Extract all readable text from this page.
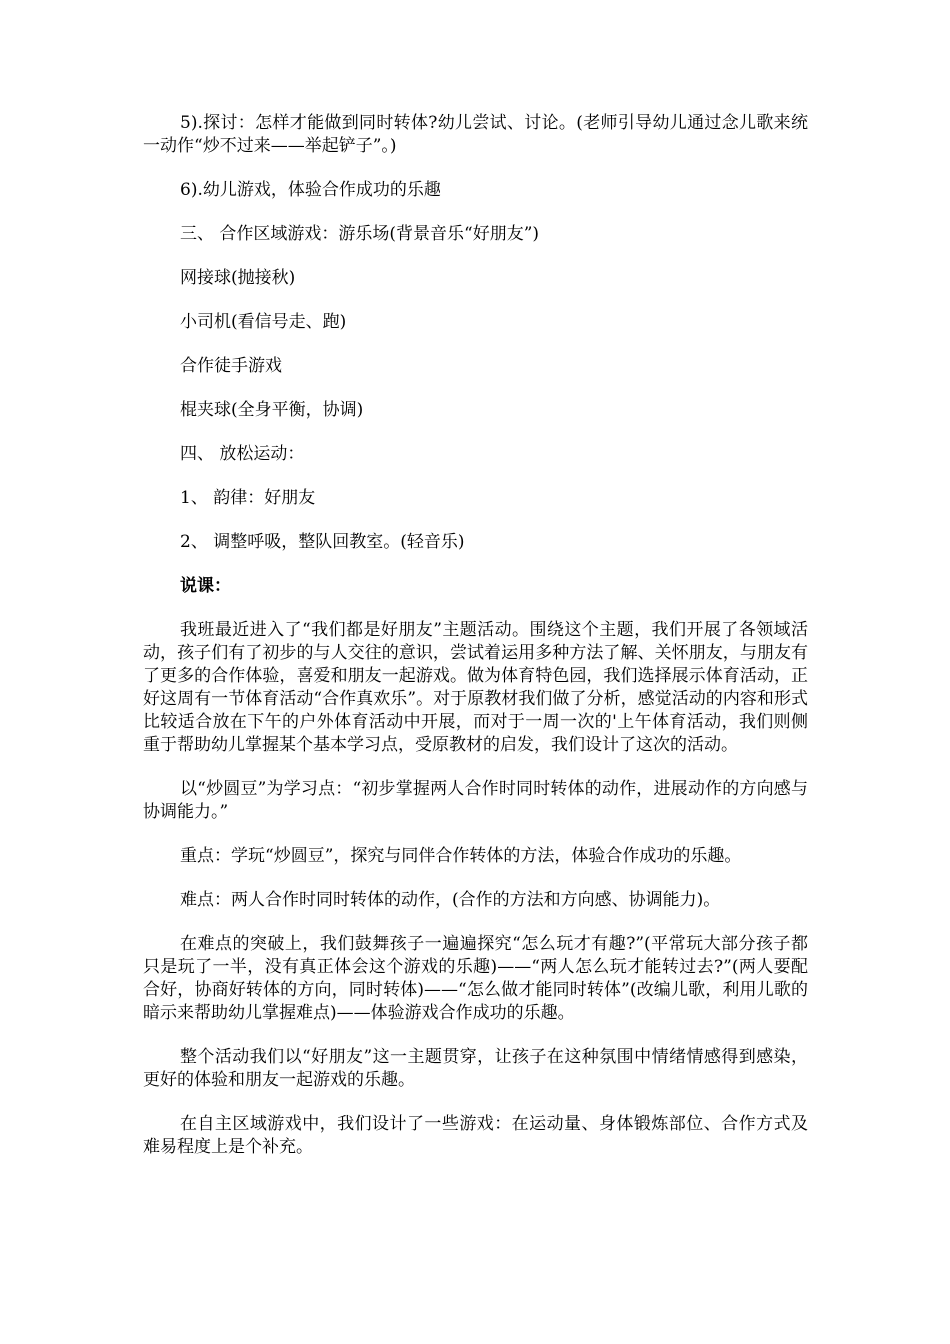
5).探讨：怎样才能做到同时转体?幼儿尝试、讨论。(老师引导幼儿通过念儿歌来统一动作“炒不过来——举起铲子”。)

6).幼儿游戏，体验合作成功的乐趣

三、 合作区域游戏：游乐场(背景音乐“好朋友”)

网接球(抛接秋)

小司机(看信号走、跑)

合作徒手游戏

棍夹球(全身平衡，协调)

四、 放松运动：

1、 韵律：好朋友

2、 调整呼吸，整队回教室。(轻音乐)

说课：

我班最近进入了“我们都是好朋友”主题活动。围绕这个主题，我们开展了各领域活动，孩子们有了初步的与人交往的意识，尝试着运用多种方法了解、关怀朋友，与朋友有了更多的合作体验，喜爱和朋友一起游戏。做为体育特色园，我们选择展示体育活动，正好这周有一节体育活动“合作真欢乐”。对于原教材我们做了分析，感觉活动的内容和形式比较适合放在下午的户外体育活动中开展，而对于一周一次的'上午体育活动，我们则侧重于帮助幼儿掌握某个基本学习点，受原教材的启发，我们设计了这次的活动。

以“炒圆豆”为学习点：“初步掌握两人合作时同时转体的动作，进展动作的方向感与协调能力。”

重点：学玩“炒圆豆”，探究与同伴合作转体的方法，体验合作成功的乐趣。

难点：两人合作时同时转体的动作，(合作的方法和方向感、协调能力)。

在难点的突破上，我们鼓舞孩子一遍遍探究“怎么玩才有趣?”(平常玩大部分孩子都只是玩了一半，没有真正体会这个游戏的乐趣)——“两人怎么玩才能转过去?”(两人要配合好，协商好转体的方向，同时转体)——“怎么做才能同时转体”(改编儿歌，利用儿歌的暗示来帮助幼儿掌握难点)——体验游戏合作成功的乐趣。

整个活动我们以“好朋友”这一主题贯穿，让孩子在这种氛围中情绪情感得到感染，更好的体验和朋友一起游戏的乐趣。

在自主区域游戏中，我们设计了一些游戏：在运动量、身体锻炼部位、合作方式及难易程度上是个补充。
